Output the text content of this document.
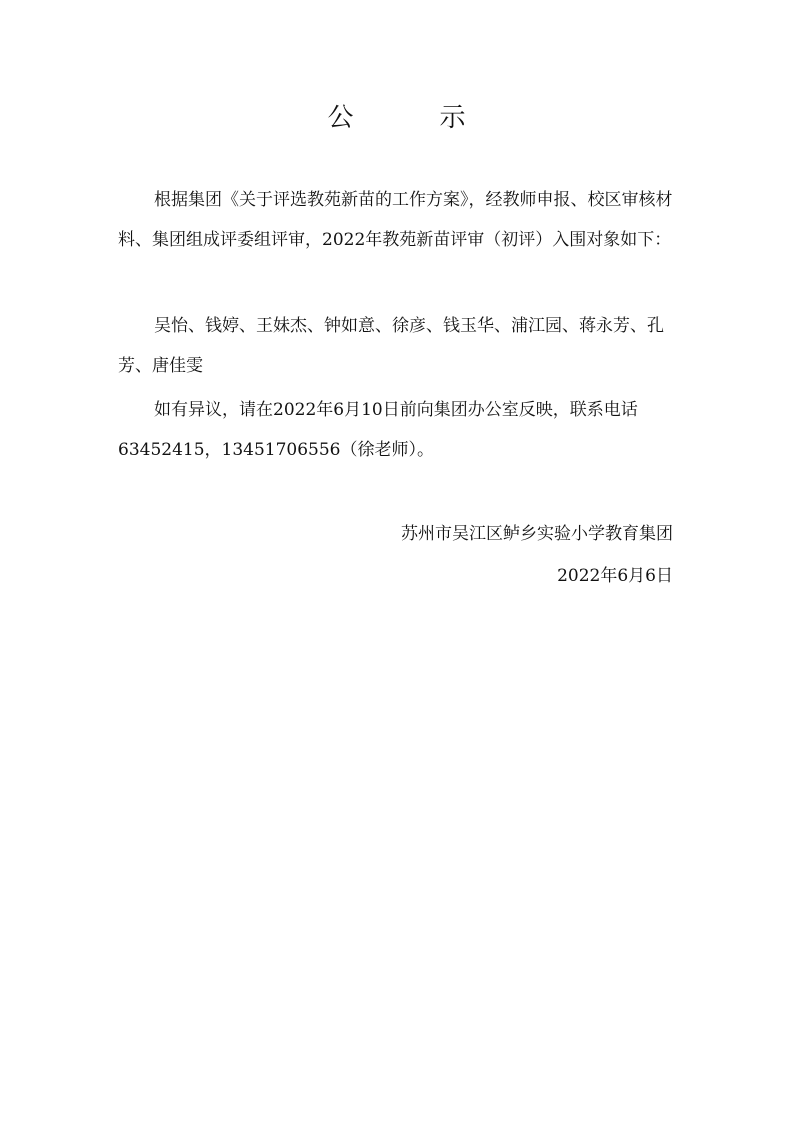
公　示

根据集团《关于评选教苑新苗的工作方案》，经教师申报、校区审核材料、集团组成评委组评审，2022年教苑新苗评审（初评）入围对象如下：

吴怡、钱婷、王妹杰、钟如意、徐彦、钱玉华、浦江园、蒋永芳、孔芳、唐佳雯

如有异议，请在2022年6月10日前向集团办公室反映，联系电话63452415，13451706556（徐老师）。

苏州市吴江区鲈乡实验小学教育集团
2022年6月6日
